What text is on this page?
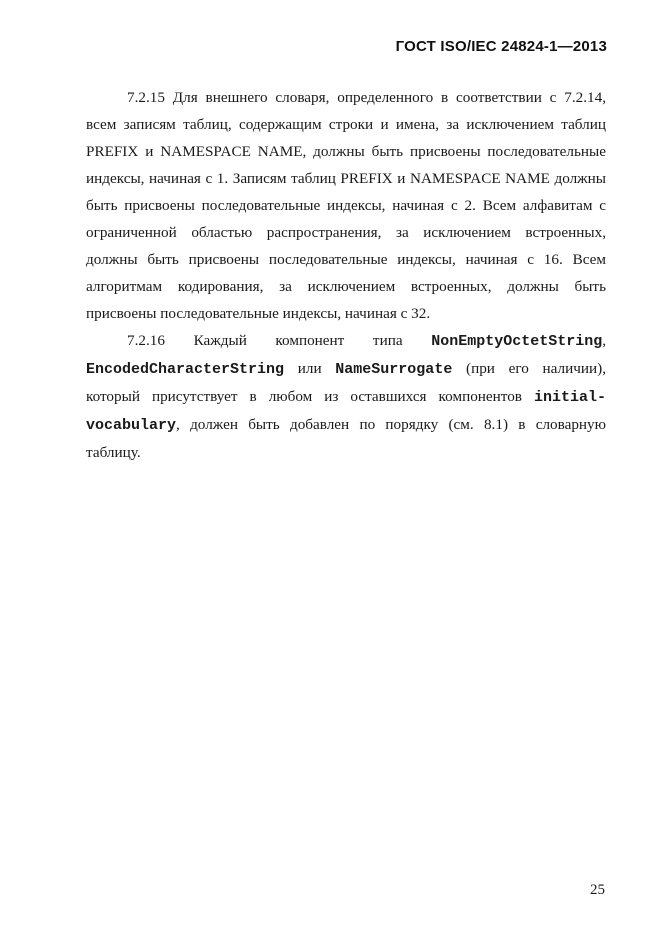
ГОСТ ISO/IEC 24824-1—2013

7.2.15 Для внешнего словаря, определенного в соответствии с 7.2.14, всем записям таблиц, содержащим строки и имена, за исключением таблиц PREFIX и NAMESPACE NAME, должны быть присвоены последовательные индексы, начиная с 1. Записям таблиц PREFIX и NAMESPACE NAME должны быть присвоены последовательные индексы, начиная с 2. Всем алфавитам с ограниченной областью распространения, за исключением встроенных, должны быть присвоены последовательные индексы, начиная с 16. Всем алгоритмам кодирования, за исключением встроенных, должны быть присвоены последовательные индексы, начиная с 32.

7.2.16 Каждый компонент типа NonEmptyOctetString, EncodedCharacterString или NameSurrogate (при его наличии), который присутствует в любом из оставшихся компонентов initial-vocabulary, должен быть добавлен по порядку (см. 8.1) в словарную таблицу.

25
